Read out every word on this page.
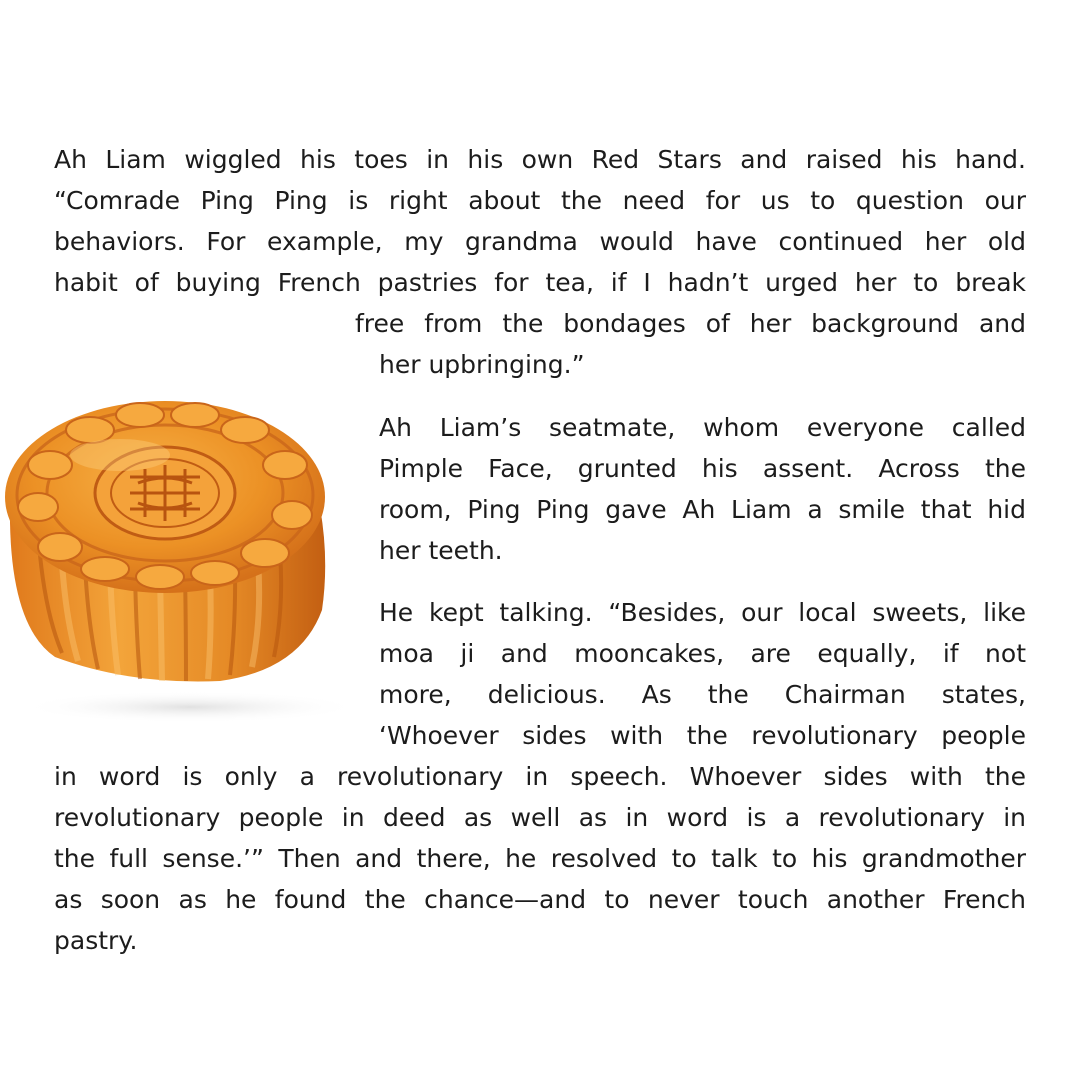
Ah Liam wiggled his toes in his own Red Stars and raised his hand.
“Comrade Ping Ping is right about the need for us to question our
behaviors. For example, my grandma would have continued her old
habit of buying French pastries for tea, if I hadn’t urged her to break
free from the bondages of her background and
her upbringing.”
Ah Liam’s seatmate, whom everyone called
Pimple Face, grunted his assent. Across the
room, Ping Ping gave Ah Liam a smile that hid
her teeth.
He kept talking. “Besides, our local sweets, like
moa ji and mooncakes, are equally, if not
more, delicious. As the Chairman states,
‘Whoever sides with the revolutionary people
in word is only a revolutionary in speech. Whoever sides with the
revolutionary people in deed as well as in word is a revolutionary in
the full sense.’” Then and there, he resolved to talk to his grandmother
as soon as he found the chance—and to never touch another French
pastry.
